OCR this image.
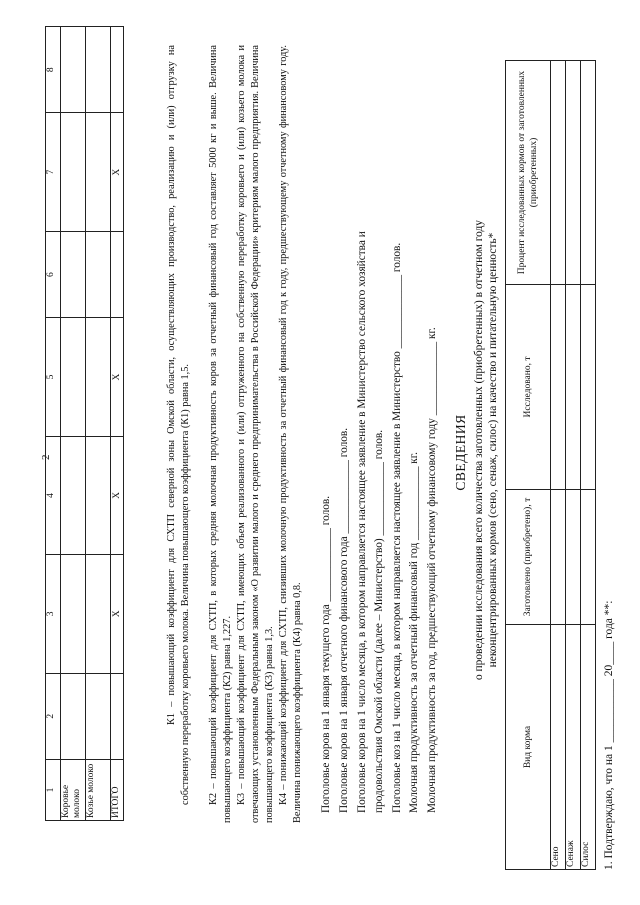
2
1	2	3	4	5	6	7	8
Коровье молоко							
Козье молоко							
ИТОГО		Х	Х	Х		Х		К1 – повышающий коэффициент для СХТП северной зоны Омской области, осуществляющих производство, реализацию и (или) отгрузку на собственную переработку коровьего молока. Величина повышающего коэффициента (К1) равна 1,5. К2 – повышающий коэффициент для СХТП, в которых средняя молочная продуктивность коров за отчетный финансовый год составляет 5000 кг и выше. Величина повышающего коэффициента (К2) равна 1,227. К3 – повышающий коэффициент для СХТП, имеющих объем реализованного и (или) отгруженного на собственную переработку коровьего и (или) козьего молока и отвечающих установленным Федеральным законом «О развитии малого и среднего предпринимательства в Российской Федерации» критериям малого предприятия. Величина повышающего коэффициента (К3) равна 1,3. К4 – понижающий коэффициент для СХТП, снизивших молочную продуктивность за отчетный финансовый год к году, предшествующему отчетному финансовому году. Величина понижающего коэффициента (К4) равна 0,8. Поголовье коров на 1 января текущего года _____________ голов. Поголовье коров на 1 января отчетного финансового года _____________ голов. Поголовье коров на 1 число месяца, в котором направляется настоящее заявление в Министерство сельского хозяйства и продовольствия Омской области (далее – Министерство) _____________ голов. Поголовье коз на 1 число месяца, в котором направляется настоящее заявление в Министерство _____________ голов. Молочная продуктивность за отчетный финансовый год _____________ кг. Молочная продуктивность за год, предшествующий отчетному финансовому году _____________ кг. СВЕДЕНИЯ о проведении исследования всего количества заготовленных (приобретенных) в отчетном году неконцентрированных кормов (сено, сенаж, силос) на качество и питательную ценность*
Вид корма	Заготовлено (приобретено), т	Исследовано, т	Процент исследованных кормов от заготовленных (приобретенных)
Сено			
Сенаж			
Силос			1. Подтверждаю, что на 1 ___________ 20____ года **:
